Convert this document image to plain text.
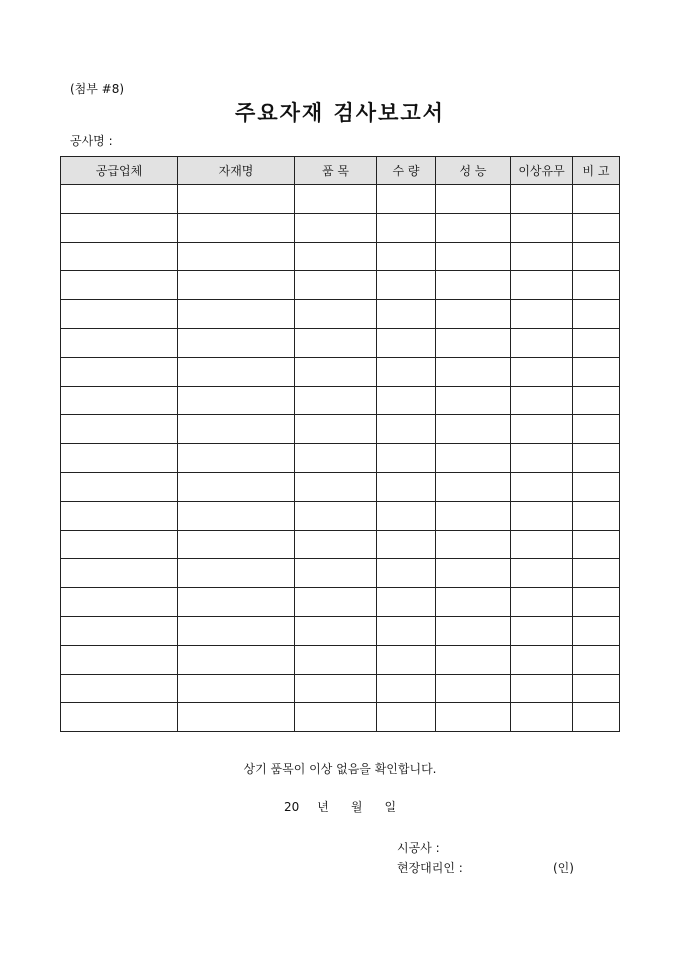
(첨부 #8)
주요자재 검사보고서
공사명 :
공급업체	자재명	품 목	수 량	성 능	이상유무	비 고

상기 품목이 이상 없음을 확인합니다.
20 년 월 일
시공사 :
현장대리인 :	(인)
